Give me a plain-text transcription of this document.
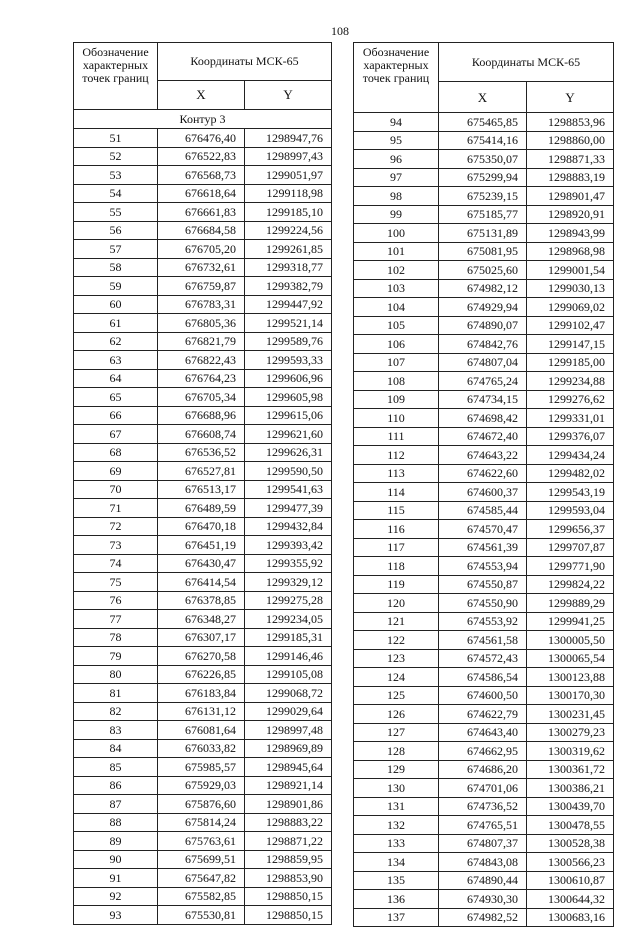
108
Обозначение характерных точек границ	Координаты МСК-65	
	X	Y
Контур 3		
51	676476,40	1298947,76
52	676522,83	1298997,43
53	676568,73	1299051,97
54	676618,64	1299118,98
55	676661,83	1299185,10
56	676684,58	1299224,56
57	676705,20	1299261,85
58	676732,61	1299318,77
59	676759,87	1299382,79
60	676783,31	1299447,92
61	676805,36	1299521,14
62	676821,79	1299589,76
63	676822,43	1299593,33
64	676764,23	1299606,96
65	676705,34	1299605,98
66	676688,96	1299615,06
67	676608,74	1299621,60
68	676536,52	1299626,31
69	676527,81	1299590,50
70	676513,17	1299541,63
71	676489,59	1299477,39
72	676470,18	1299432,84
73	676451,19	1299393,42
74	676430,47	1299355,92
75	676414,54	1299329,12
76	676378,85	1299275,28
77	676348,27	1299234,05
78	676307,17	1299185,31
79	676270,58	1299146,46
80	676226,85	1299105,08
81	676183,84	1299068,72
82	676131,12	1299029,64
83	676081,64	1298997,48
84	676033,82	1298969,89
85	675985,57	1298945,64
86	675929,03	1298921,14
87	675876,60	1298901,86
88	675814,24	1298883,22
89	675763,61	1298871,22
90	675699,51	1298859,95
91	675647,82	1298853,90
92	675582,85	1298850,15
93	675530,81	1298850,15
Обозначение характерных точек границ	Координаты МСК-65	
	X	Y
94	675465,85	1298853,96
95	675414,16	1298860,00
96	675350,07	1298871,33
97	675299,94	1298883,19
98	675239,15	1298901,47
99	675185,77	1298920,91
100	675131,89	1298943,99
101	675081,95	1298968,98
102	675025,60	1299001,54
103	674982,12	1299030,13
104	674929,94	1299069,02
105	674890,07	1299102,47
106	674842,76	1299147,15
107	674807,04	1299185,00
108	674765,24	1299234,88
109	674734,15	1299276,62
110	674698,42	1299331,01
111	674672,40	1299376,07
112	674643,22	1299434,24
113	674622,60	1299482,02
114	674600,37	1299543,19
115	674585,44	1299593,04
116	674570,47	1299656,37
117	674561,39	1299707,87
118	674553,94	1299771,90
119	674550,87	1299824,22
120	674550,90	1299889,29
121	674553,92	1299941,25
122	674561,58	1300005,50
123	674572,43	1300065,54
124	674586,54	1300123,88
125	674600,50	1300170,30
126	674622,79	1300231,45
127	674643,40	1300279,23
128	674662,95	1300319,62
129	674686,20	1300361,72
130	674701,06	1300386,21
131	674736,52	1300439,70
132	674765,51	1300478,55
133	674807,37	1300528,38
134	674843,08	1300566,23
135	674890,44	1300610,87
136	674930,30	1300644,32
137	674982,52	1300683,16
